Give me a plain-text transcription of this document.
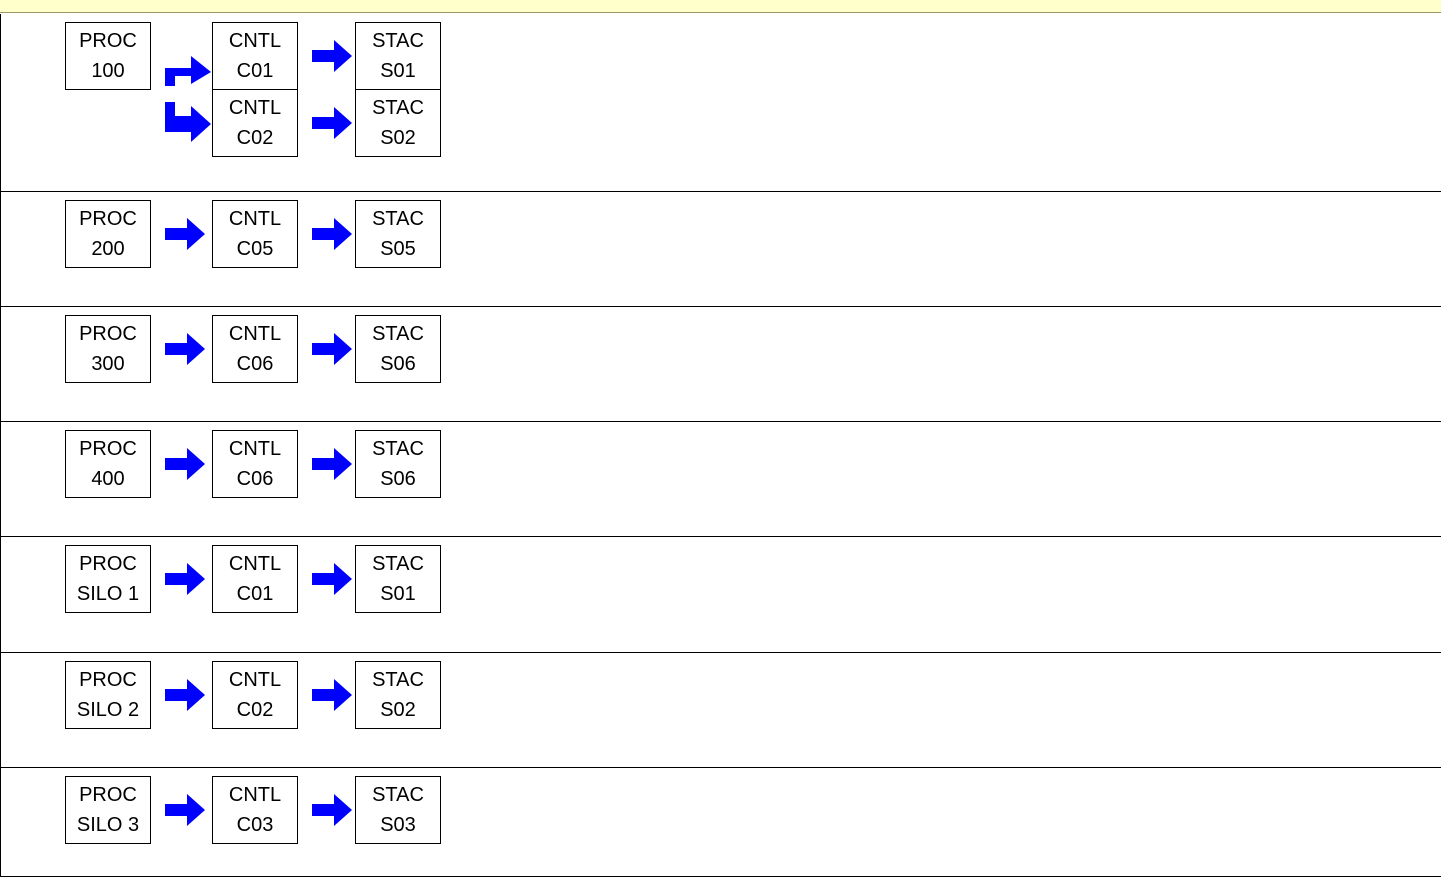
PROC
100
CNTL
C01
STAC
S01
CNTL
C02
STAC
S02
PROC
200
CNTL
C05
STAC
S05
PROC
300
CNTL
C06
STAC
S06
PROC
400
CNTL
C06
STAC
S06
PROC
SILO 1
CNTL
C01
STAC
S01
PROC
SILO 2
CNTL
C02
STAC
S02
PROC
SILO 3
CNTL
C03
STAC
S03
